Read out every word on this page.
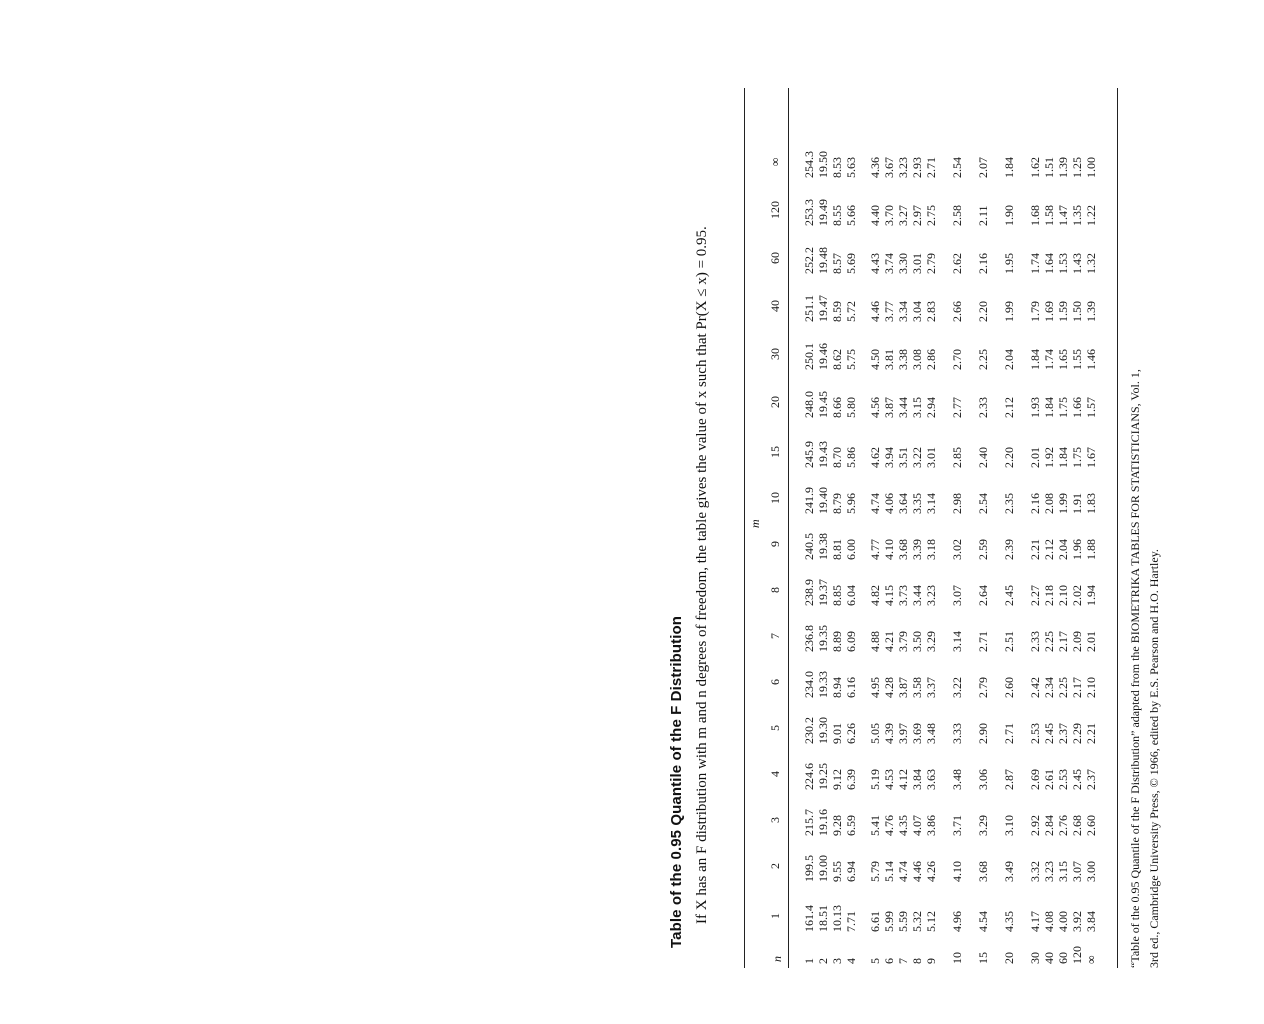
Table of the 0.95 Quantile of the F Distribution If X has an F distribution with m and n degrees of freedom, the table gives the value of x such that Pr(X ≤ x) = 0.95.	m
n
1
2
3
4
5
6
7
8
9
10
15
20
30
40
60
120
∞
1
161.4
199.5
215.7
224.6
230.2
234.0
236.8
238.9
240.5
241.9
245.9
248.0
250.1
251.1
252.2
253.3
254.3
2
18.51
19.00
19.16
19.25
19.30
19.33
19.35
19.37
19.38
19.40
19.43
19.45
19.46
19.47
19.48
19.49
19.50
3
10.13
9.55
9.28
9.12
9.01
8.94
8.89
8.85
8.81
8.79
8.70
8.66
8.62
8.59
8.57
8.55
8.53
4
7.71
6.94
6.59
6.39
6.26
6.16
6.09
6.04
6.00
5.96
5.86
5.80
5.75
5.72
5.69
5.66
5.63
5
6.61
5.79
5.41
5.19
5.05
4.95
4.88
4.82
4.77
4.74
4.62
4.56
4.50
4.46
4.43
4.40
4.36
6
5.99
5.14
4.76
4.53
4.39
4.28
4.21
4.15
4.10
4.06
3.94
3.87
3.81
3.77
3.74
3.70
3.67
7
5.59
4.74
4.35
4.12
3.97
3.87
3.79
3.73
3.68
3.64
3.51
3.44
3.38
3.34
3.30
3.27
3.23
8
5.32
4.46
4.07
3.84
3.69
3.58
3.50
3.44
3.39
3.35
3.22
3.15
3.08
3.04
3.01
2.97
2.93
9
5.12
4.26
3.86
3.63
3.48
3.37
3.29
3.23
3.18
3.14
3.01
2.94
2.86
2.83
2.79
2.75
2.71
10
4.96
4.10
3.71
3.48
3.33
3.22
3.14
3.07
3.02
2.98
2.85
2.77
2.70
2.66
2.62
2.58
2.54
15
4.54
3.68
3.29
3.06
2.90
2.79
2.71
2.64
2.59
2.54
2.40
2.33
2.25
2.20
2.16
2.11
2.07
20
4.35
3.49
3.10
2.87
2.71
2.60
2.51
2.45
2.39
2.35
2.20
2.12
2.04
1.99
1.95
1.90
1.84
30
4.17
3.32
2.92
2.69
2.53
2.42
2.33
2.27
2.21
2.16
2.01
1.93
1.84
1.79
1.74
1.68
1.62
40
4.08
3.23
2.84
2.61
2.45
2.34
2.25
2.18
2.12
2.08
1.92
1.84
1.74
1.69
1.64
1.58
1.51
60
4.00
3.15
2.76
2.53
2.37
2.25
2.17
2.10
2.04
1.99
1.84
1.75
1.65
1.59
1.53
1.47
1.39
120
3.92
3.07
2.68
2.45
2.29
2.17
2.09
2.02
1.96
1.91
1.75
1.66
1.55
1.50
1.43
1.35
1.25
∞
3.84
3.00
2.60
2.37
2.21
2.10
2.01
1.94
1.88
1.83
1.67
1.57
1.46
1.39
1.32
1.22
1.00
“Table of the 0.95 Quantile of the F Distribution” adapted from the BIOMETRIKA TABLES FOR STATISTICIANS, Vol. 1, 3rd ed., Cambridge University Press, © 1966, edited by E.S. Pearson and H.O. Hartley.
